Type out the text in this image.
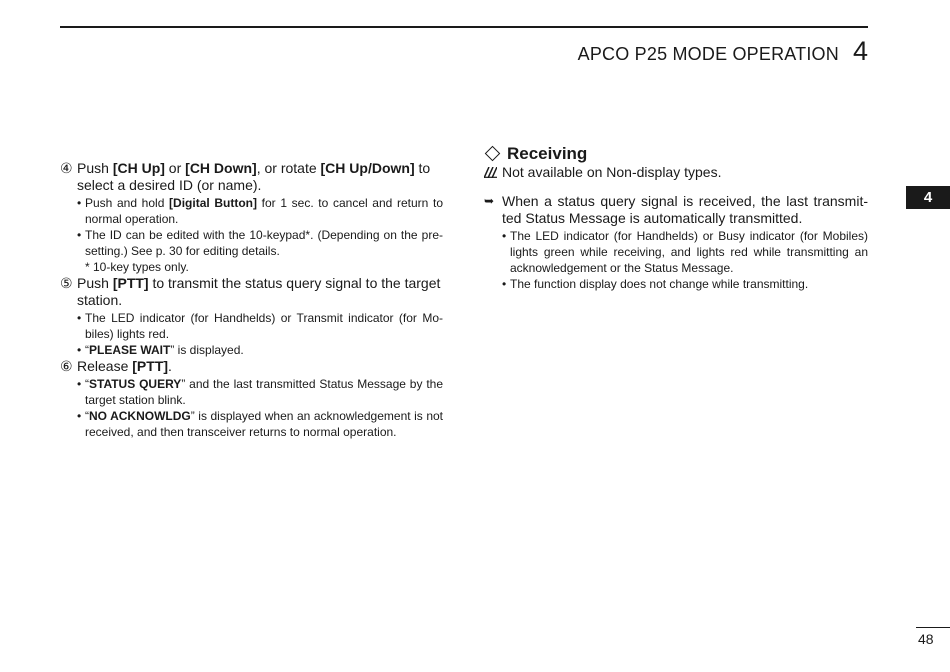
APCO P25 MODE OPERATION 4

④ Push [CH Up] or [CH Down], or rotate [CH Up/Down] to select a desired ID (or name).

• Push and hold [Digital Button] for 1 sec. to cancel and return to normal operation.
• The ID can be edited with the 10-keypad*. (Depending on the pre-setting.) See p. 30 for editing details.
* 10-key types only.

⑤ Push [PTT] to transmit the status query signal to the target station.

• The LED indicator (for Handhelds) or Transmit indicator (for Mo-biles) lights red.
• “PLEASE WAIT” is displayed.

⑥ Release [PTT].

• “STATUS QUERY” and the last transmitted Status Message by the target station blink.
• “NO ACKNOWLDG” is displayed when an acknowledgement is not received, and then transceiver returns to normal operation.
Receiving
Not available on Non-display types.
➥ When a status query signal is received, the last transmit-ted Status Message is automatically transmitted.
• The LED indicator (for Handhelds) or Busy indicator (for Mobiles) lights green while receiving, and lights red while transmitting an acknowledgement or the Status Message.
• The function display does not change while transmitting.
4
48
